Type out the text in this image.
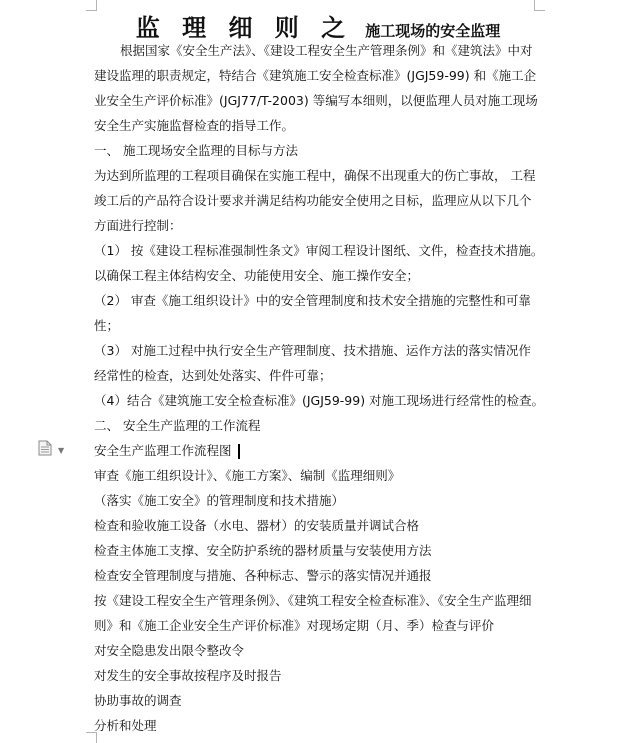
监 理 细 则 之 施工现场的安全监理
根据国家《安全生产法》、《建设工程安全生产管理条例》和《建筑法》中对
建设监理的职责规定，特结合《建筑施工安全检查标准》(JGJ59-99) 和《施工企
业安全生产评价标准》(JGJ77/T-2003) 等编写本细则，以便监理人员对施工现场
安全生产实施监督检查的指导工作。
一、 施工现场安全监理的目标与方法
为达到所监理的工程项目确保在实施工程中，确保不出现重大的伤亡事故， 工程
竣工后的产品符合设计要求并满足结构功能安全使用之目标，监理应从以下几个
方面进行控制：
（1） 按《建设工程标准强制性条文》审阅工程设计图纸、文件，检查技术措施。
以确保工程主体结构安全、功能使用安全、施工操作安全；
（2） 审查《施工组织设计》中的安全管理制度和技术安全措施的完整性和可靠
性；
（3） 对施工过程中执行安全生产管理制度、技术措施、运作方法的落实情况作
经常性的检查，达到处处落实、件件可靠；
（4）结合《建筑施工安全检查标准》(JGJ59-99) 对施工现场进行经常性的检查。
二、 安全生产监理的工作流程
安全生产监理工作流程图
审查《施工组织设计》、《施工方案》、编制《监理细则》
（落实《施工安全》的管理制度和技术措施）
检查和验收施工设备（水电、器材）的安装质量并调试合格
检查主体施工支撑、安全防护系统的器材质量与安装使用方法
检查安全管理制度与措施、各种标志、警示的落实情况并通报
按《建设工程安全生产管理条例》、《建筑工程安全检查标准》、《安全生产监理细
则》和《施工企业安全生产评价标准》对现场定期（月、季）检查与评价
对安全隐患发出限令整改令
对发生的安全事故按程序及时报告
协助事故的调查
分析和处理
▼
